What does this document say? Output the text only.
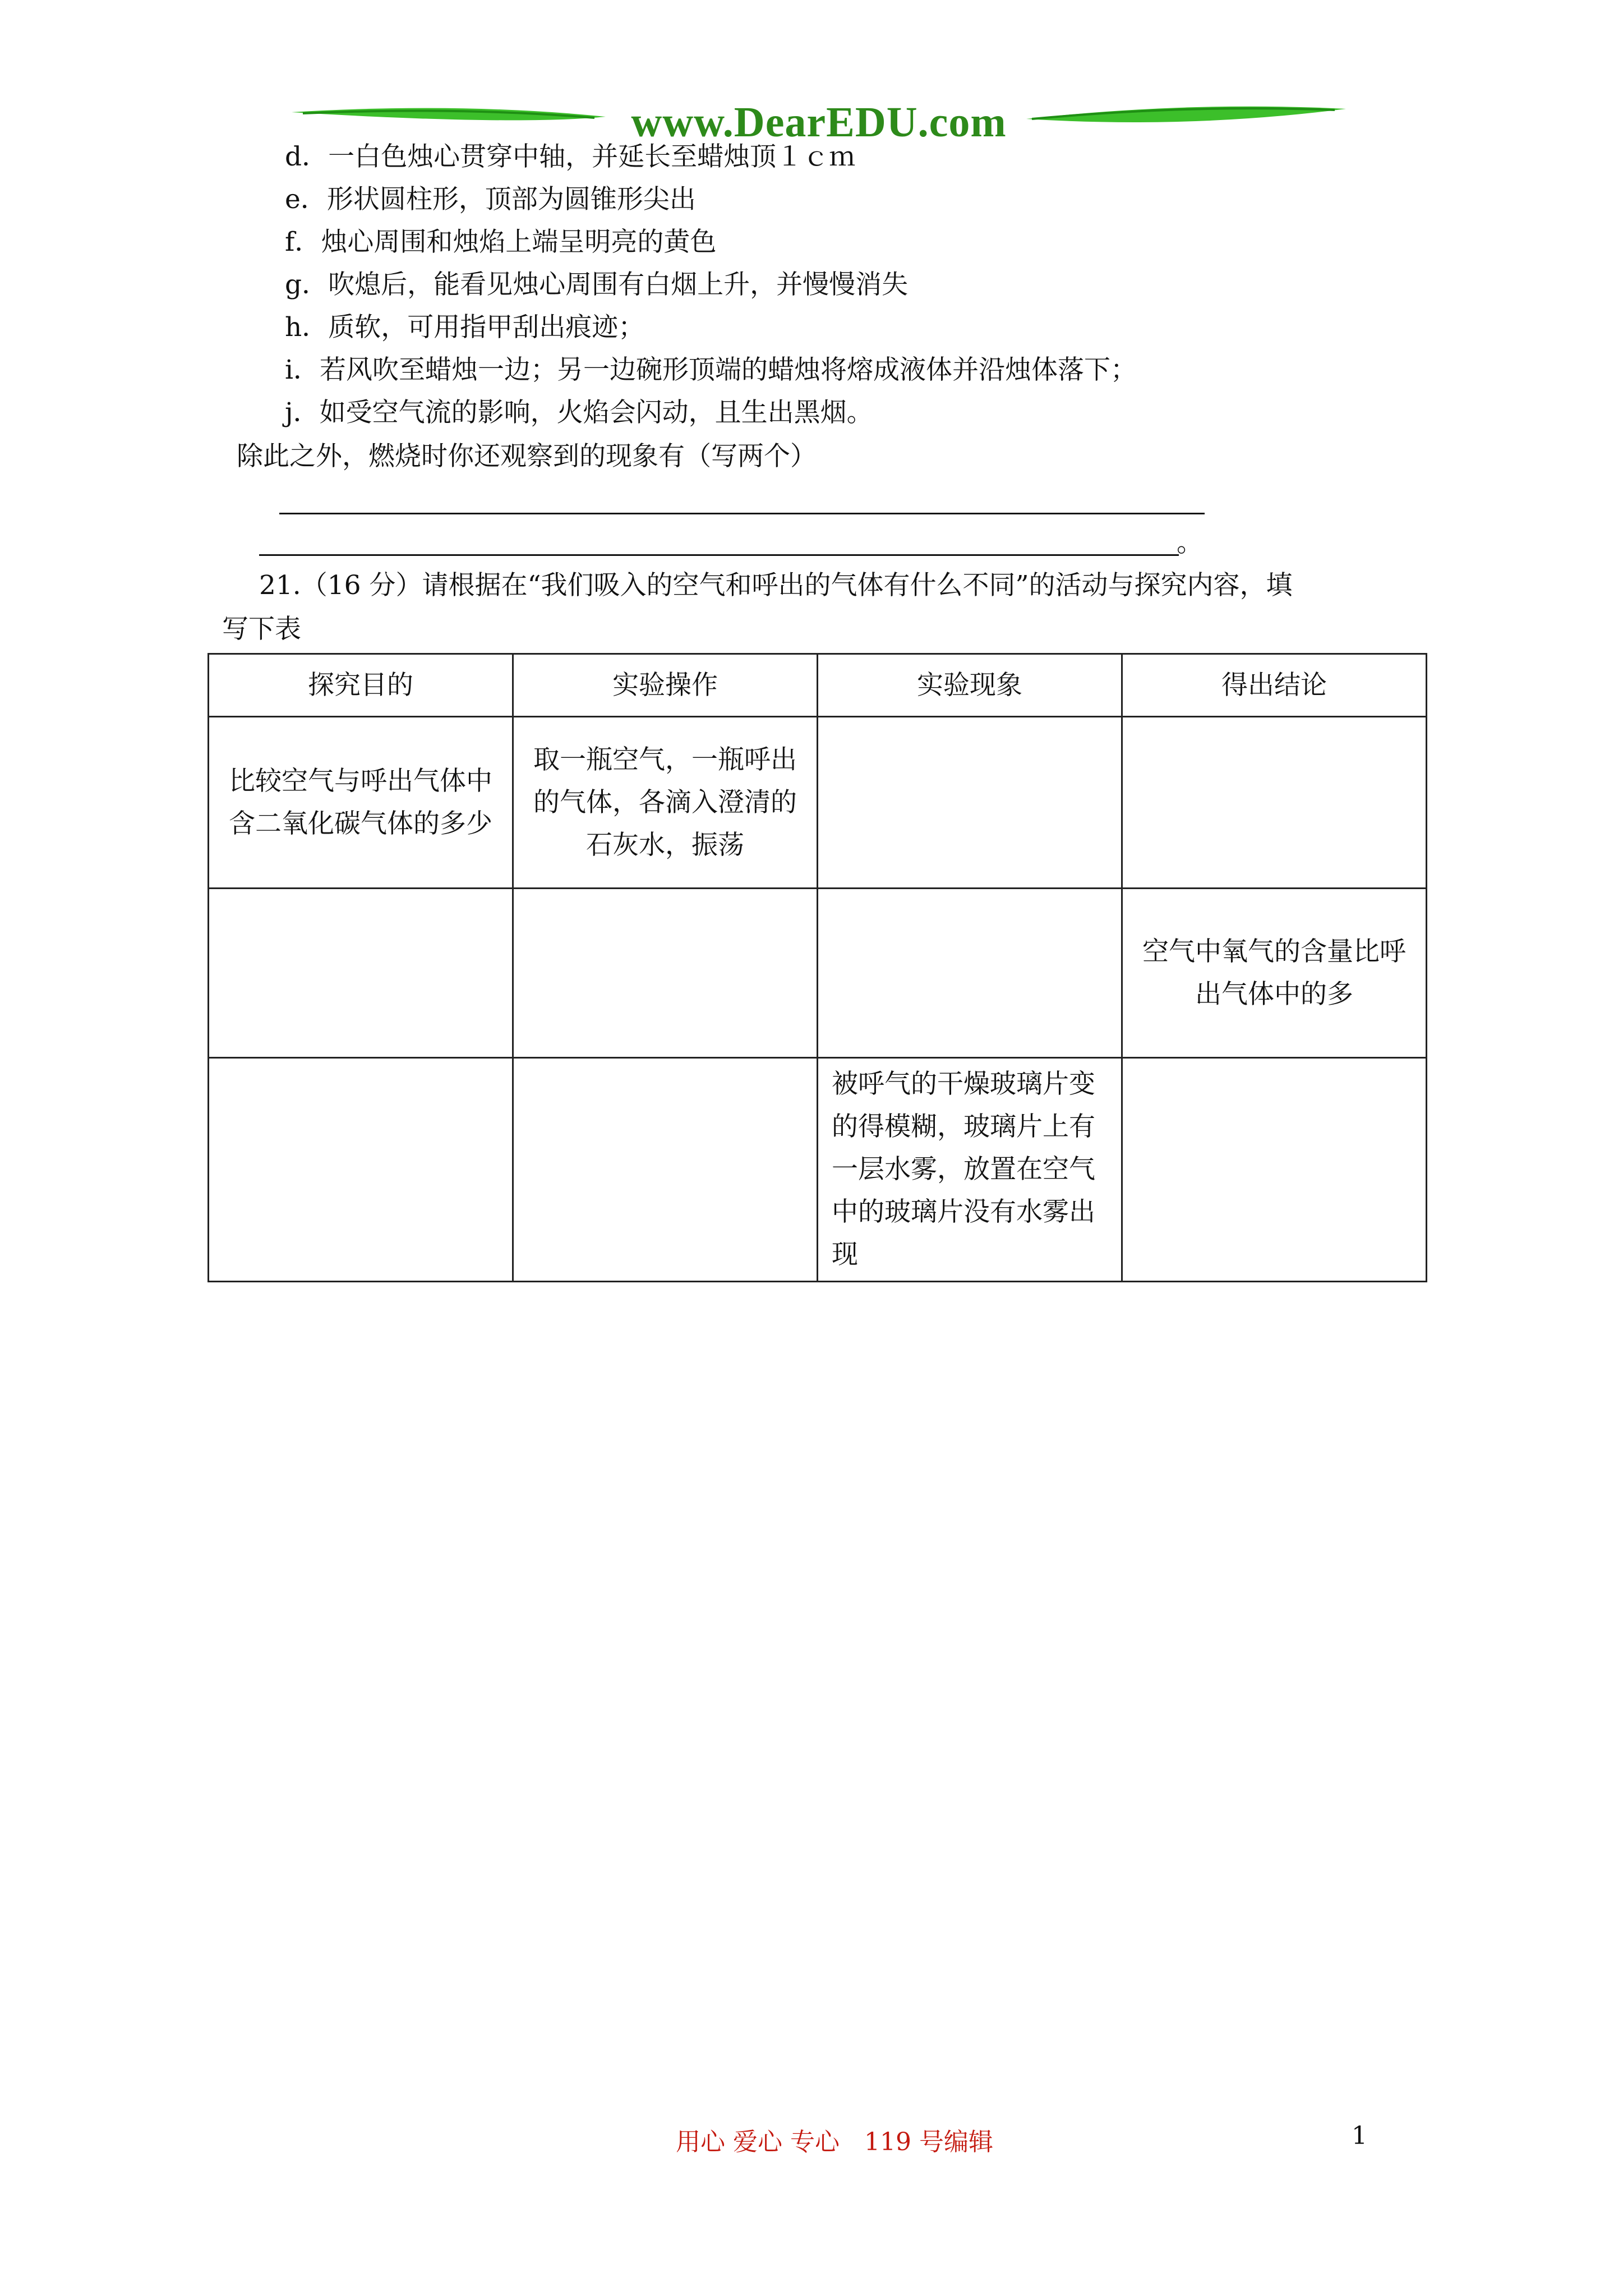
www.DearEDU.com
d．一白色烛心贯穿中轴，并延长至蜡烛顶１ｃｍ
e．形状圆柱形，顶部为圆锥形尖出
f．烛心周围和烛焰上端呈明亮的黄色
g．吹熄后，能看见烛心周围有白烟上升，并慢慢消失
h．质软，可用指甲刮出痕迹；
i．若风吹至蜡烛一边；另一边碗形顶端的蜡烛将熔成液体并沿烛体落下；
j．如受空气流的影响，火焰会闪动，且生出黑烟。
除此之外，燃烧时你还观察到的现象有（写两个）
。
21.（16 分）请根据在“我们吸入的空气和呼出的气体有什么不同”的活动与探究内容，填
写下表
探究目的	实验操作	实验现象	得出结论
比较空气与呼出气体中含二氧化碳气体的多少	取一瓶空气，一瓶呼出的气体，各滴入澄清的石灰水，振荡		
			空气中氧气的含量比呼出气体中的多
		被呼气的干燥玻璃片变的得模糊，玻璃片上有一层水雾，放置在空气中的玻璃片没有水雾出现	
用心 爱心 专心　119 号编辑	1
